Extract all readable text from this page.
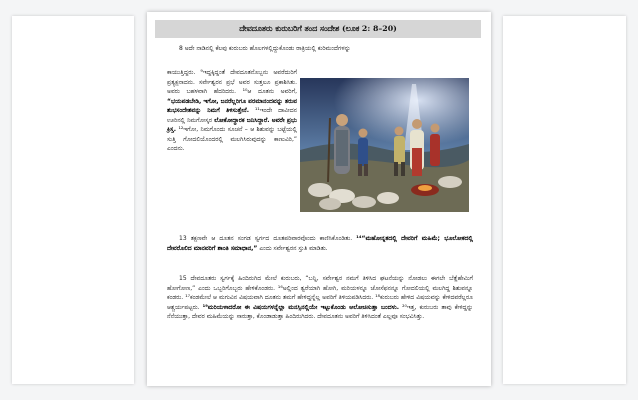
ದೇವದೂತರು ಕುರುಬರಿಗೆ ತಂದ ಸಂದೇಶ (ಲೂಕ 2: 8–20)

8 ಅದೇ ನಾಡಿನಲ್ಲಿ ಕೆಲವು ಕುರುಬರು ಹೊಲಗಳಲ್ಲಿದ್ದುಕೊಂಡು ರಾತ್ರಿಯಲ್ಲಿ ಕುರಿಮಂದೆಗಳನ್ನು

ಕಾಯುತ್ತಿದ್ದರು. ⁹ಇದ್ದಕ್ಕಿದ್ದಂತೆ ದೇವದೂತನೊಬ್ಬನು ಅವರೆದುರಿಗೆ ಪ್ರತ್ಯಕ್ಷನಾದನು. ಸರ್ವೇಶ್ವರನ ಪ್ರಭೆ ಅವರ ಸುತ್ತಲೂ ಪ್ರಕಾಶಿಸಿತು. ಅವರು ಬಹಳವಾಗಿ ಹೆದರಿದರು. ¹⁰ಆ ದೂತನು ಅವರಿಗೆ, “ಭಯಪಡಬೇಡಿ, ಇಗೋ, ಜನರೆಲ್ಲರಿಗೂ ಪರಮಾನಂದವನ್ನು ತರುವ ಶುಭಸಂದೇಶವನ್ನು ನಿಮಗೆ ತಿಳಿಸುತ್ತೇನೆ. ¹¹ಇಂದೇ ದಾವೀದನ ಊರಿನಲ್ಲಿ ನಿಮಗೋಸ್ಕರ ಲೋಕೋದ್ಧಾರಕ ಜನಿಸಿದ್ದಾರೆ. ಅವರೇ ಪ್ರಭು ಕ್ರಿಸ್ತ. ¹²ಇಗೋ, ನಿಮಗೊಂದು ಸೂಚನೆ – ಆ ಶಿಶುವನ್ನು ಬಟ್ಟೆಯಲ್ಲಿ ಸುತ್ತಿ ಗೋದಲಿಯೊಂದರಲ್ಲಿ ಮಲಗಿಸಿರುವುದನ್ನು ಕಾಣುವಿರಿ,” ಎಂದನು.

13 ತಕ್ಷಣವೇ ಆ ದೂತನ ಸಂಗಡ ಸ್ವರ್ಗದ ದೂತಪರಿವಾರವೊಂದು ಕಾಣಿಸಿಕೊಂಡಿತು. ¹⁴“ಮಹೋನ್ನತದಲ್ಲಿ ದೇವರಿಗೆ ಮಹಿಮೆ; ಭೂಲೋಕದಲ್ಲಿ ದೇವರೊಲಿದ ಮಾನವರಿಗೆ ಶಾಂತಿ ಸಮಾಧಾನ,” ಎಂದು ಸರ್ವೇಶ್ವರನ ಸ್ತುತಿ ಮಾಡಿತು.

15 ದೇವದೂತರು ಸ್ವರ್ಗಕ್ಕೆ ಹಿಂದಿರುಗಿದ ಮೇಲೆ ಕುರುಬರು, “ಬನ್ನಿ, ಸರ್ವೇಶ್ವರ ನಮಗೆ ತಿಳಿಸಿದ ಘಟನೆಯನ್ನು ನೋಡಲು ಈಗಲೇ ಬೆತ್ಲೆಹೇಮಿಗೆ ಹೋಗೋಣ,” ಎಂದು ಒಬ್ಬರಿಗೊಬ್ಬರು ಹೇಳಿಕೊಂಡರು. ¹⁶ಅಲ್ಲಿಂದ ತ್ವರೆಯಾಗಿ ಹೋಗಿ, ಮರಿಯಳನ್ನೂ ಜೋಸೆಫನನ್ನೂ ಗೋದಲಿಯಲ್ಲಿ ಮಲಗಿದ್ದ ಶಿಶುವನ್ನೂ ಕಂಡರು. ¹⁷ಕಂಡಮೇಲೆ ಆ ಮಗುವಿನ ವಿಷಯವಾಗಿ ದೂತನು ತಮಗೆ ಹೇಳಿದ್ದನ್ನೆಲ್ಲ ಅವರಿಗೆ ತಿಳಿಯಪಡಿಸಿದರು. ¹⁸ಕುರುಬರು ಹೇಳಿದ ವಿಷಯವನ್ನು ಕೇಳಿದವರೆಲ್ಲರೂ ಆಶ್ಚರ್ಯಪಟ್ಟರು. ¹⁹ಮರಿಯಳಾದರೋ ಈ ವಿಷಯಗಳನ್ನೆಲ್ಲಾ ಮನಸ್ಸಿನಲ್ಲಿಯೇ ಇಟ್ಟುಕೊಂಡು ಆಲೋಚಿಸುತ್ತಾ ಬಂದಳು. ²⁰ಇತ್ತ, ಕುರುಬರು ತಾವು ಕೇಳಿದ್ದನ್ನು ನೆನೆಯುತ್ತಾ, ದೇವರ ಮಹಿಮೆಯನ್ನು ಸಾರುತ್ತಾ, ಕೊಂಡಾಡುತ್ತಾ ಹಿಂದಿರುಗಿದರು. ದೇವದೂತನು ಅವರಿಗೆ ತಿಳಿಸಿದಂತೆ ಎಲ್ಲವೂ ಸಂಭವಿಸಿತ್ತು.
